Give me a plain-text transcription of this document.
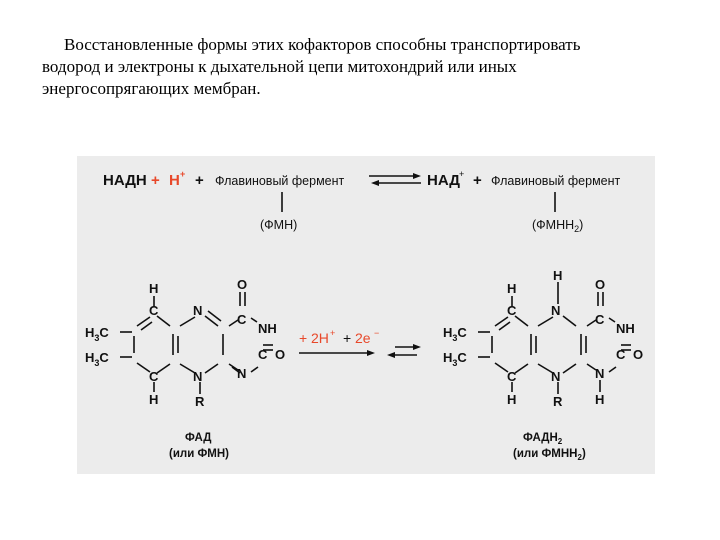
Восстановленные формы этих кофакторов способны транспортировать
водород и электроны к дыхательной цепи митохондрий или иных
энергосопрягающих мембран.
НАДН + H + + Флавиновый фермент	НАД + + Флавиновый фермент
(ФМН)	$(ФМНН_2)$
$H_3C$
$H_3C$
H
C
C
H
N
N
R
O
C
NH
C O
N
ФАД
(или ФМН)
+ 2H + + 2e −	$H_3C$
$H_3C$
H
C
C
H
H
N
N
R
O
C
NH
C O
N
H
$ФАДН_2$
(или $ФМНН_2$)
